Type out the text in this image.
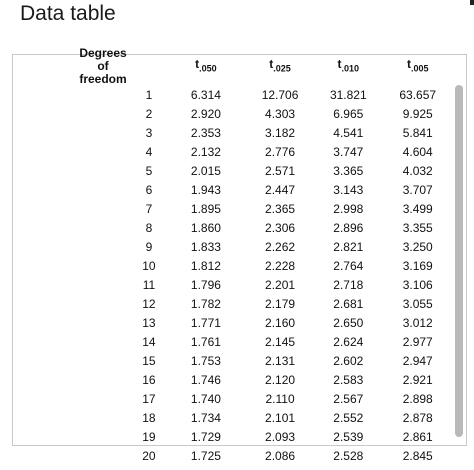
Data table
Degrees of freedom	$t_{.050}$	$t_{.025}$	$t_{.010}$	$t_{.005}$
1	6.314	12.706	31.821	63.657
2	2.920	4.303	6.965	9.925
3	2.353	3.182	4.541	5.841
4	2.132	2.776	3.747	4.604
5	2.015	2.571	3.365	4.032
6	1.943	2.447	3.143	3.707
7	1.895	2.365	2.998	3.499
8	1.860	2.306	2.896	3.355
9	1.833	2.262	2.821	3.250
10	1.812	2.228	2.764	3.169
11	1.796	2.201	2.718	3.106
12	1.782	2.179	2.681	3.055
13	1.771	2.160	2.650	3.012
14	1.761	2.145	2.624	2.977
15	1.753	2.131	2.602	2.947
16	1.746	2.120	2.583	2.921
17	1.740	2.110	2.567	2.898
18	1.734	2.101	2.552	2.878
19	1.729	2.093	2.539	2.861
20	1.725	2.086	2.528	2.845
